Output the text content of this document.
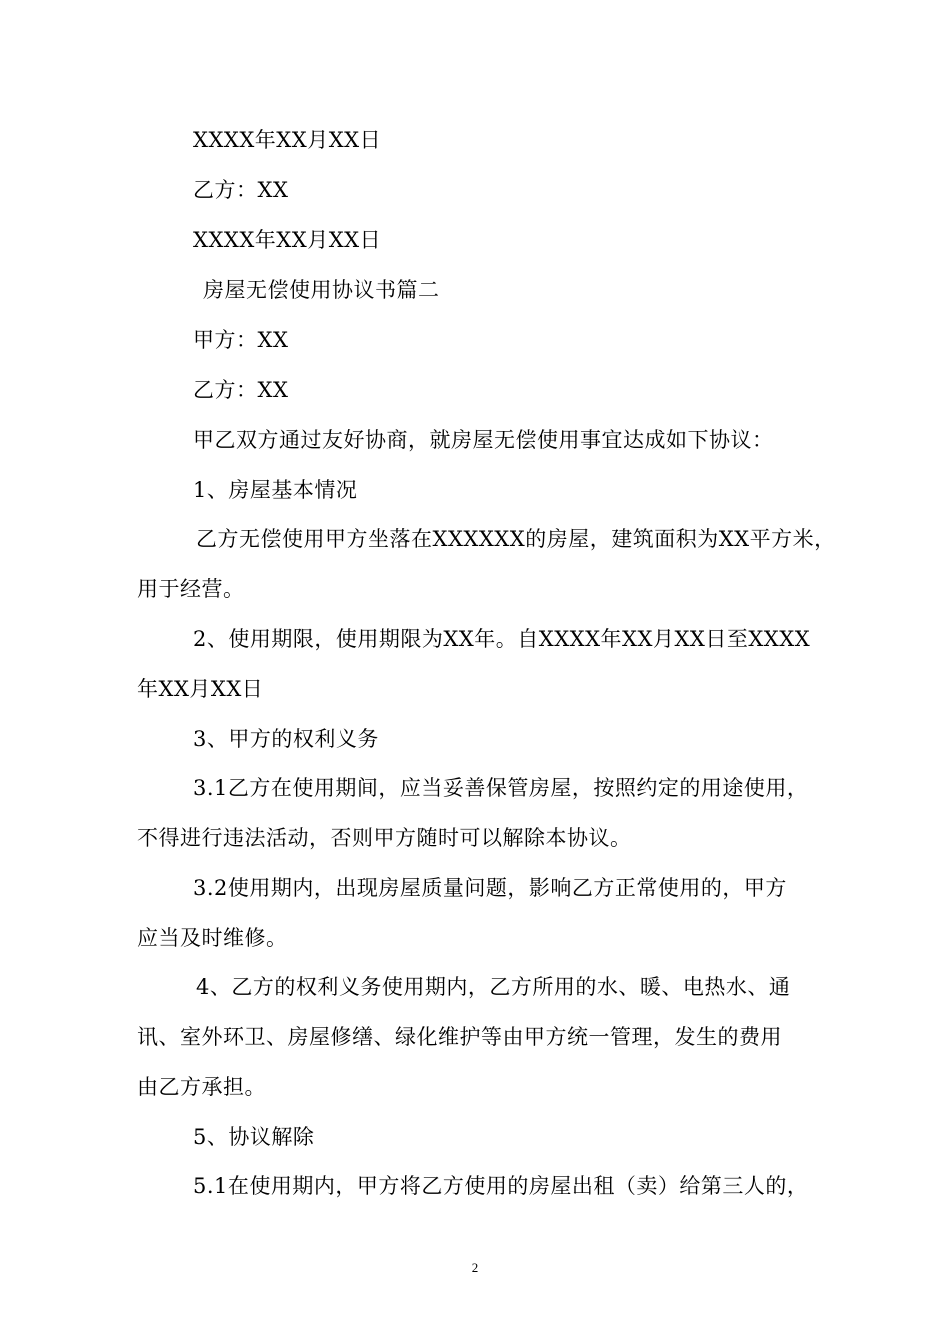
XXXX年XX月XX日
乙方：XX
XXXX年XX月XX日
房屋无偿使用协议书篇二
甲方：XX
乙方：XX
甲乙双方通过友好协商，就房屋无偿使用事宜达成如下协议：
1、房屋基本情况
乙方无偿使用甲方坐落在XXXXXX的房屋，建筑面积为XX平方米，
用于经营。
2、使用期限，使用期限为XX年。自XXXX年XX月XX日至XXXX
年XX月XX日
3、甲方的权利义务
3.1乙方在使用期间，应当妥善保管房屋，按照约定的用途使用，
不得进行违法活动，否则甲方随时可以解除本协议。
3.2使用期内，出现房屋质量问题，影响乙方正常使用的，甲方
应当及时维修。
4、乙方的权利义务使用期内，乙方所用的水、暖、电热水、通
讯、室外环卫、房屋修缮、绿化维护等由甲方统一管理，发生的费用
由乙方承担。
5、协议解除
5.1在使用期内，甲方将乙方使用的房屋出租（卖）给第三人的，
2
